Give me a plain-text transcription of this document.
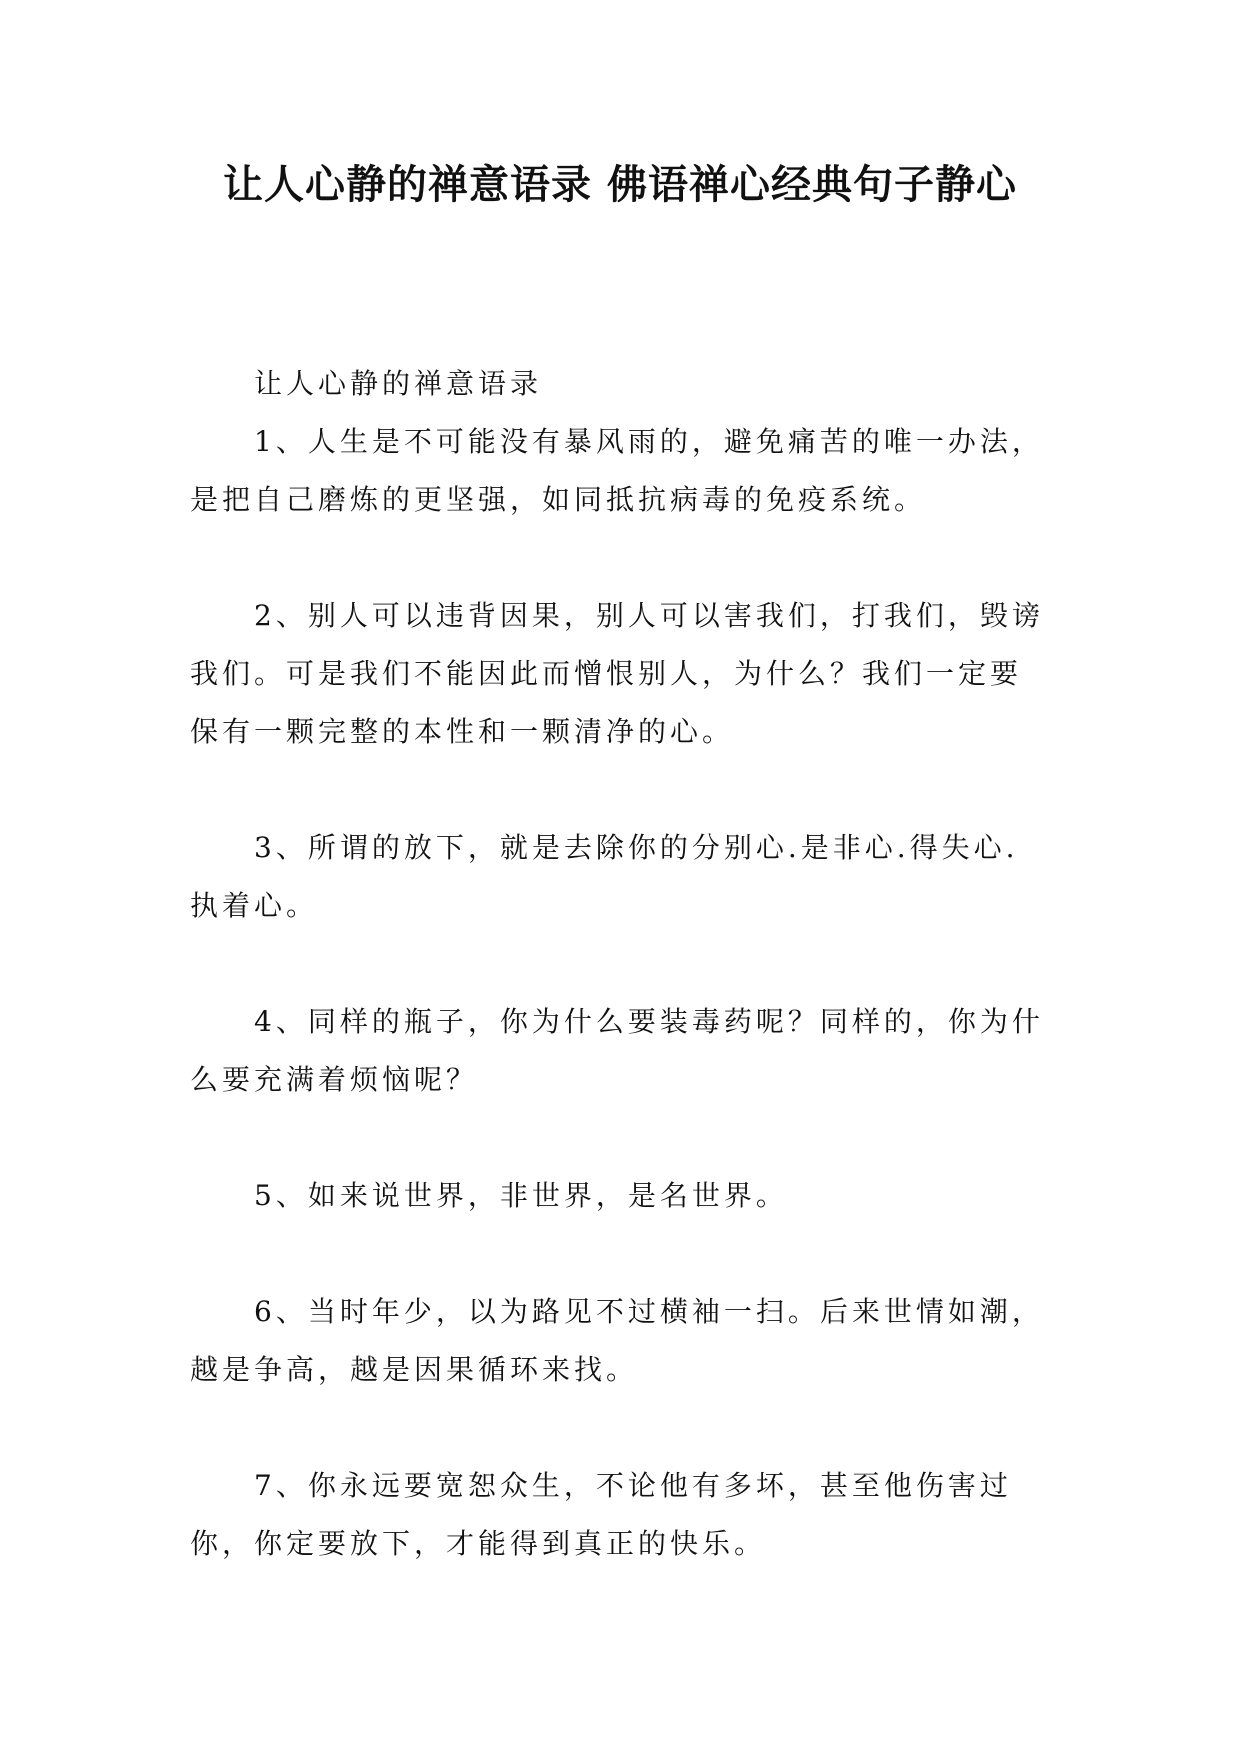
让人心静的禅意语录 佛语禅心经典句子静心

让人心静的禅意语录

1、人生是不可能没有暴风雨的，避免痛苦的唯一办法，是把自己磨炼的更坚强，如同抵抗病毒的免疫系统。

2、别人可以违背因果，别人可以害我们，打我们，毁谤我们。可是我们不能因此而憎恨别人，为什么？我们一定要保有一颗完整的本性和一颗清净的心。

3、所谓的放下，就是去除你的分别心.是非心.得失心.执着心。

4、同样的瓶子，你为什么要装毒药呢？同样的，你为什么要充满着烦恼呢？

5、如来说世界，非世界，是名世界。

6、当时年少，以为路见不过横袖一扫。后来世情如潮，越是争高，越是因果循环来找。

7、你永远要宽恕众生，不论他有多坏，甚至他伤害过你，你定要放下，才能得到真正的快乐。
